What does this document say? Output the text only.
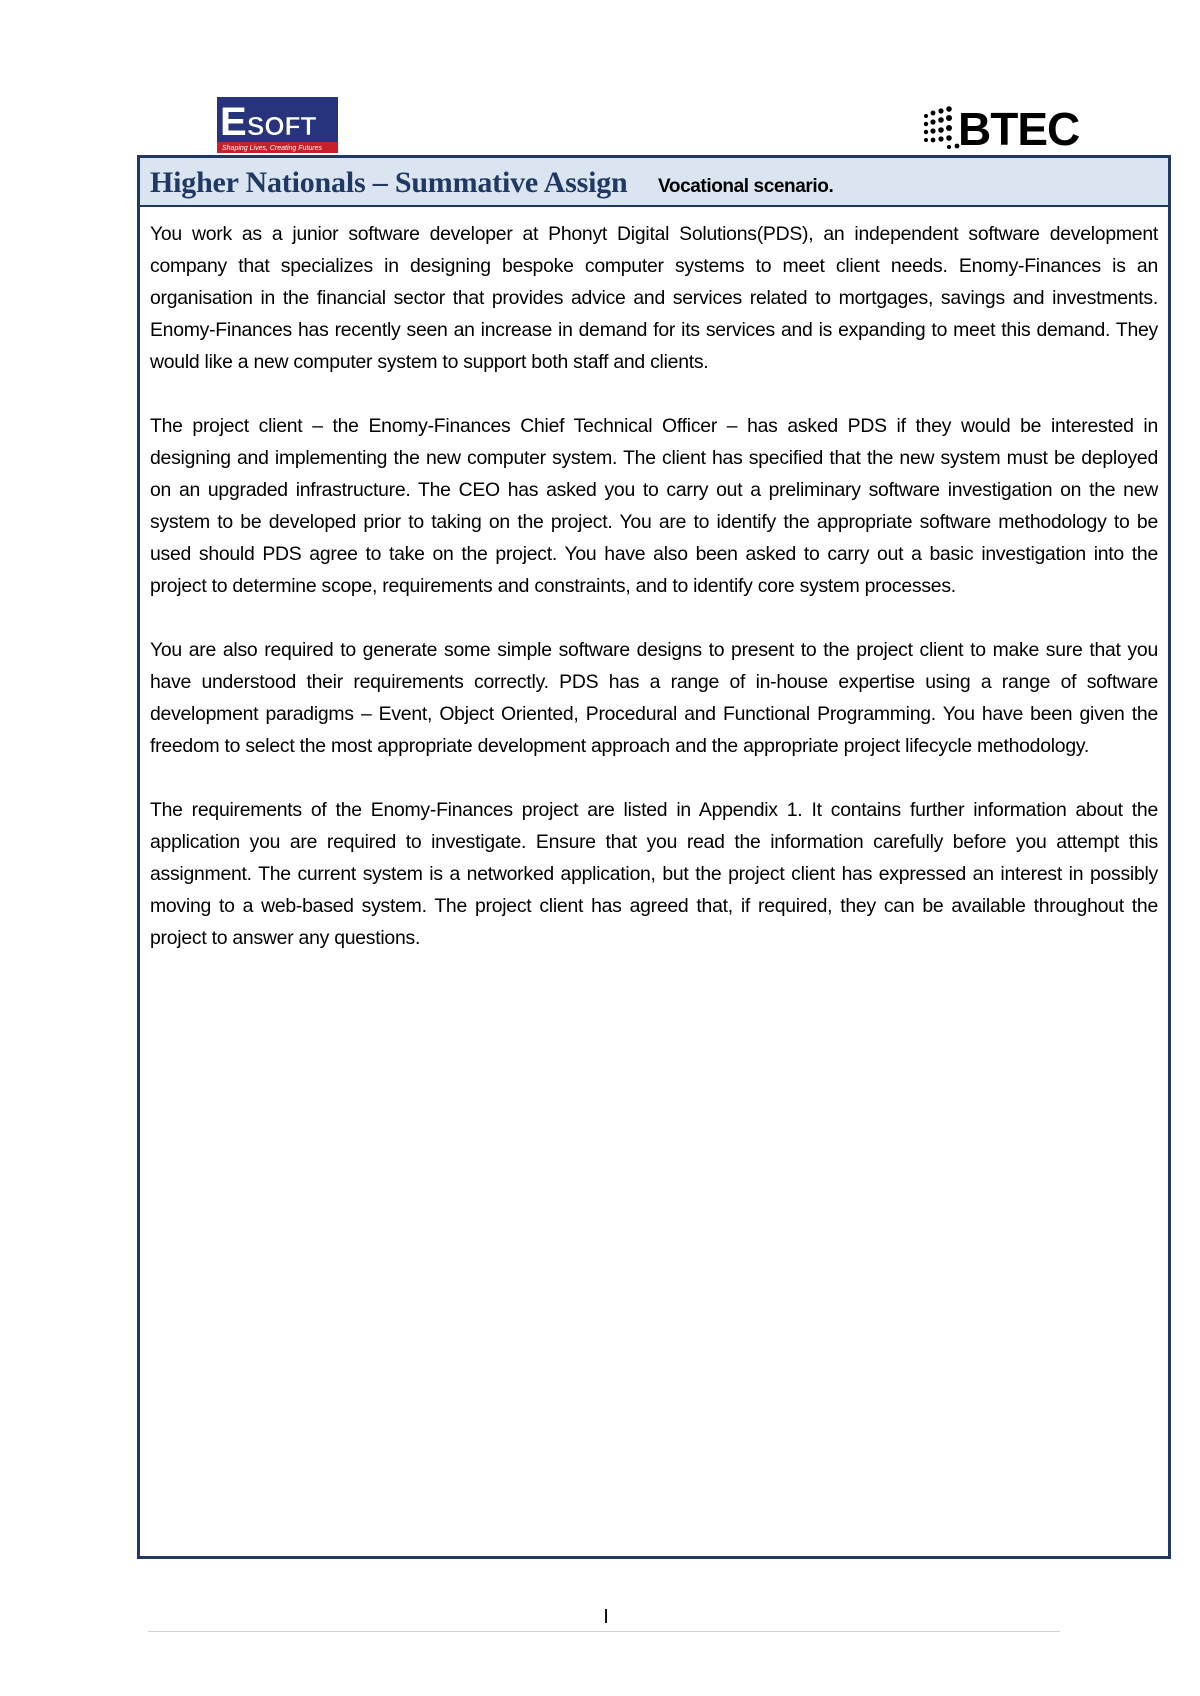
E SOFT
Shaping Lives, Creating Futures	BTEC
Higher Nationals – Summative Assign Vocational scenario.

You work as a junior software developer at Phonyt Digital Solutions(PDS), an independent software development company that specializes in designing bespoke computer systems to meet client needs. Enomy-Finances is an organisation in the financial sector that provides advice and services related to mortgages, savings and investments. Enomy-Finances has recently seen an increase in demand for its services and is expanding to meet this demand. They would like a new computer system to support both staff and clients.

The project client – the Enomy-Finances Chief Technical Officer – has asked PDS if they would be interested in designing and implementing the new computer system. The client has specified that the new system must be deployed on an upgraded infrastructure. The CEO has asked you to carry out a preliminary software investigation on the new system to be developed prior to taking on the project. You are to identify the appropriate software methodology to be used should PDS agree to take on the project. You have also been asked to carry out a basic investigation into the project to determine scope, requirements and constraints, and to identify core system processes.

You are also required to generate some simple software designs to present to the project client to make sure that you have understood their requirements correctly. PDS has a range of in-house expertise using a range of software development paradigms – Event, Object Oriented, Procedural and Functional Programming. You have been given the freedom to select the most appropriate development approach and the appropriate project lifecycle methodology.

The requirements of the Enomy-Finances project are listed in Appendix 1. It contains further information about the application you are required to investigate. Ensure that you read the information carefully before you attempt this assignment. The current system is a networked application, but the project client has expressed an interest in possibly moving to a web-based system. The project client has agreed that, if required, they can be available throughout the project to answer any questions.

I
